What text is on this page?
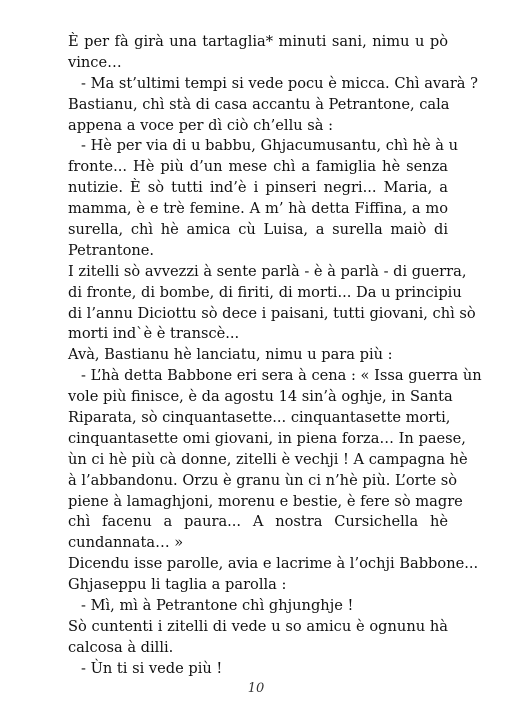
È per fà girà una tartaglia* minuti sani, nimu u pò
vince…
- Ma st’ultimi tempi si vede pocu è micca. Chì avarà ?
Bastianu, chì stà di casa accantu à Petrantone, cala
appena a voce per dì ciò ch’ellu sà :
- Hè per via di u babbu, Ghjacumusantu, chì hè à u
fronte... Hè più d’un mese chì a famiglia hè senza
nutizie. È sò tutti ind’è i pinseri negri... Maria, a
mamma, è e trè femine. A m’ hà detta Fiffina, a mo
surella, chì hè amica cù Luisa, a surella maiò di
Petrantone.
I zitelli sò avvezzi à sente parlà - è à parlà - di guerra,
di fronte, di bombe, di firiti, di morti... Da u principiu
di l’annu Diciottu sò dece i paisani, tutti giovani, chì sò
morti ind`è è transcè...
Avà, Bastianu hè lanciatu, nimu u para più :
- L’hà detta Babbone eri sera à cena : « Issa guerra ùn
vole più finisce, è da agostu 14 sin’à oghje, in Santa
Riparata, sò cinquantasette... cinquantasette morti,
cinquantasette omi giovani, in piena forza… In paese,
ùn ci hè più cà donne, zitelli è vechji ! A campagna hè
à l’abbandonu. Orzu è granu ùn ci n’hè più. L’orte sò
piene à lamaghjoni, morenu e bestie, è fere sò magre
chì facenu a paura... A nostra Cursichella hè
cundannata… »
Dicendu isse parolle, avia e lacrime à l’ochji Babbone...
Ghjaseppu li taglia a parolla :
- Mì, mì à Petrantone chì ghjunghje !
Sò cuntenti i zitelli di vede u so amicu è ognunu hà
calcosa à dilli.
- Ùn ti si vede più !
10
